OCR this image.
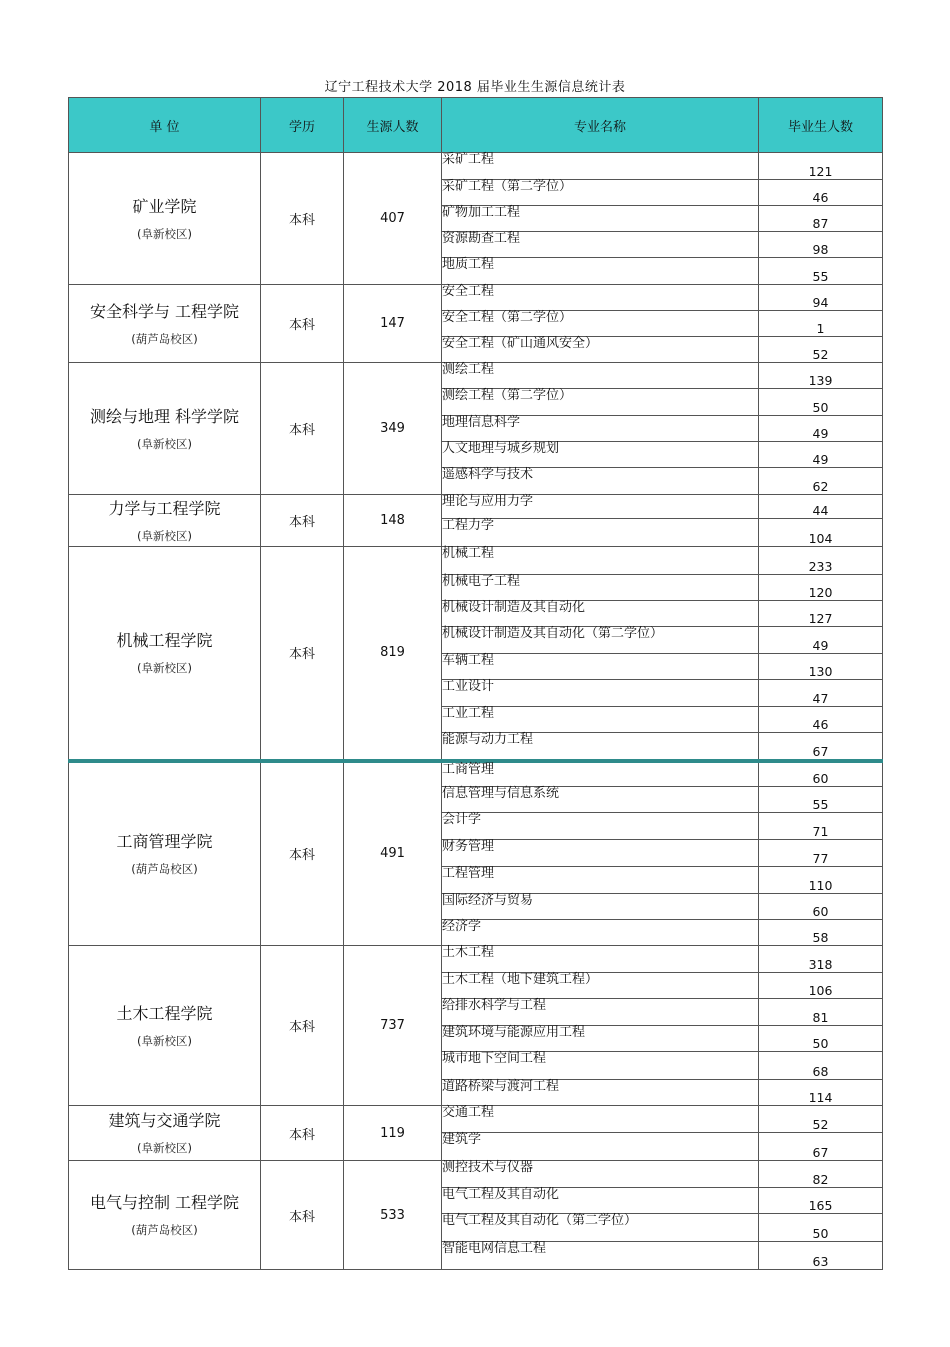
辽宁工程技术大学 2018 届毕业生生源信息统计表
单 位	学历	生源人数	专业名称	毕业生人数

矿业学院
(阜新校区)	本科	407	采矿工程	121
			采矿工程（第二学位）	46
			矿物加工工程	87
			资源勘查工程	98
			地质工程	55

安全科学与 工程学院
(葫芦岛校区)	本科	147	安全工程	94
			安全工程（第二学位）	1
			安全工程（矿山通风安全）	52

测绘与地理 科学学院
(阜新校区)	本科	349	测绘工程	139
			测绘工程（第二学位）	50
			地理信息科学	49
			人文地理与城乡规划	49
			遥感科学与技术	62

力学与工程学院
(阜新校区)	本科	148	理论与应用力学	44
			工程力学	104

机械工程学院
(阜新校区)	本科	819	机械工程	233
			机械电子工程	120
			机械设计制造及其自动化	127
			机械设计制造及其自动化（第二学位）	49
			车辆工程	130
			工业设计	47
			工业工程	46
			能源与动力工程	67

工商管理学院
(葫芦岛校区)	本科	491	工商管理	60
			信息管理与信息系统	55
			会计学	71
			财务管理	77
			工程管理	110
			国际经济与贸易	60
			经济学	58

土木工程学院
(阜新校区)	本科	737	土木工程	318
			土木工程（地下建筑工程）	106
			给排水科学与工程	81
			建筑环境与能源应用工程	50
			城市地下空间工程	68
			道路桥梁与渡河工程	114

建筑与交通学院
(阜新校区)	本科	119	交通工程	52
			建筑学	67

电气与控制 工程学院
(葫芦岛校区)	本科	533	测控技术与仪器	82
			电气工程及其自动化	165
			电气工程及其自动化（第二学位）	50
			智能电网信息工程	63
